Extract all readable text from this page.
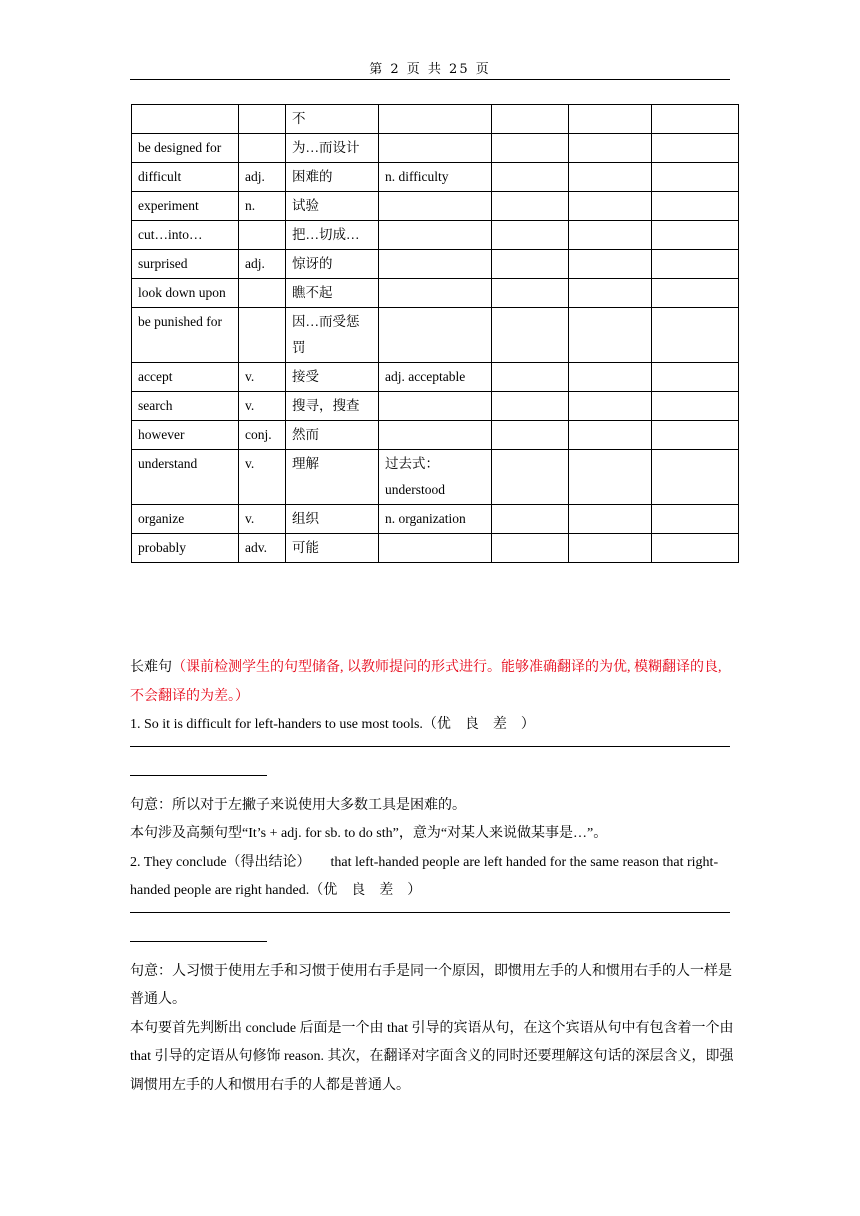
第 2 页 共 25 页
		不				
be designed for		为…而设计				
difficult	adj.	困难的	n. difficulty			
experiment	n.	试验				
cut…into…		把…切成…				
surprised	adj.	惊讶的				
look down upon		瞧不起				
be punished for		因…而受惩罚				
accept	v.	接受	adj. acceptable			
search	v.	搜寻，搜查				
however	conj.	然而				
understand	v.	理解	过去式：understood			
organize	v.	组织	n. organization			
probably	adv.	可能				

长难句（课前检测学生的句型储备, 以教师提问的形式进行。能够准确翻译的为优, 模糊翻译的良, 不会翻译的为差。）

1. So it is difficult for left-handers to use most tools.（优　良　差　）

句意：所以对于左撇子来说使用大多数工具是困难的。

本句涉及高频句型“It’s + adj. for sb. to do sth”，意为“对某人来说做某事是…”。

2. They conclude（得出结论） that left-handed people are left handed for the same reason that right-handed people are right handed.（优　良　差　）

句意：人习惯于使用左手和习惯于使用右手是同一个原因，即惯用左手的人和惯用右手的人一样是普通人。

本句要首先判断出 conclude 后面是一个由 that 引导的宾语从句，在这个宾语从句中有包含着一个由 that 引导的定语从句修饰 reason. 其次，在翻译对字面含义的同时还要理解这句话的深层含义，即强调惯用左手的人和惯用右手的人都是普通人。
